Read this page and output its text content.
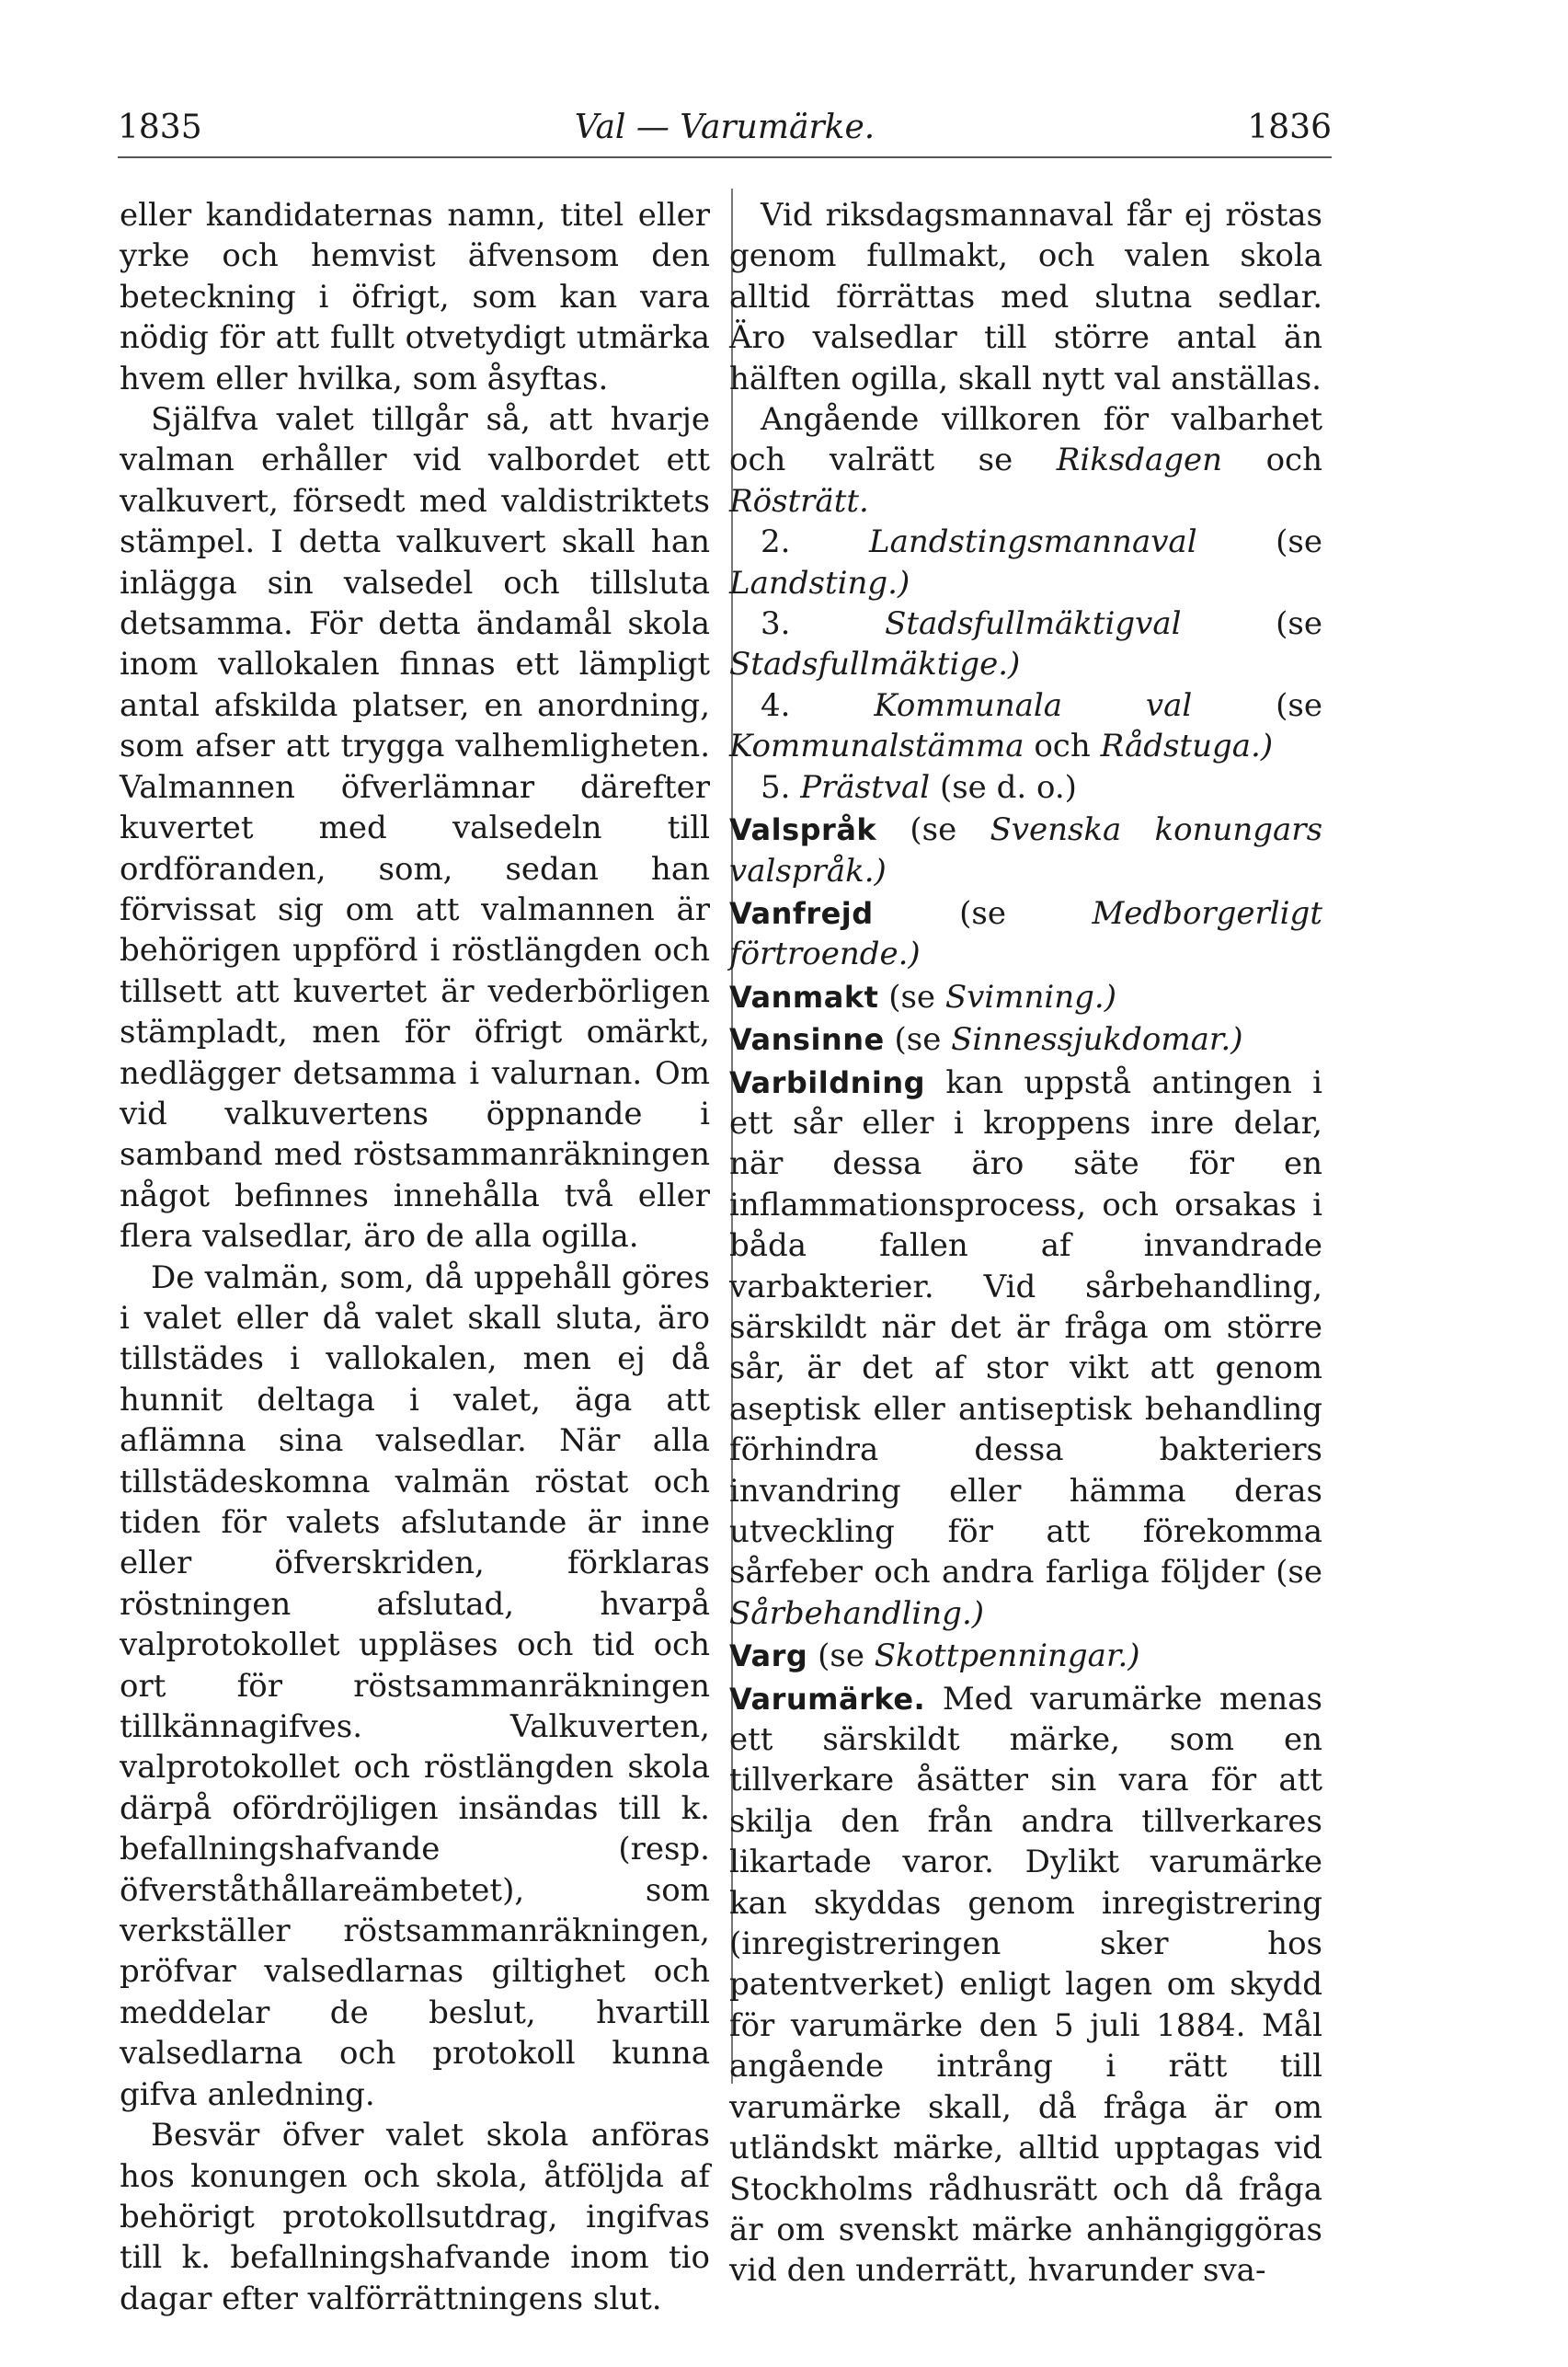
1835	Val — Varumärke.	1836

eller kandidaternas namn, titel eller yrke och hemvist äfvensom den beteckning i öfrigt, som kan vara nödig för att fullt otvetydigt utmärka hvem eller hvilka, som åsyftas.

Själfva valet tillgår så, att hvarje valman erhåller vid valbordet ett valkuvert, försedt med valdistriktets stämpel. I detta valkuvert skall han inlägga sin valsedel och tillsluta detsamma. För detta ändamål skola inom vallokalen finnas ett lämpligt antal afskilda platser, en anordning, som afser att trygga valhemligheten. Valmannen öfverlämnar därefter kuvertet med valsedeln till ordföranden, som, sedan han förvissat sig om att valmannen är behörigen uppförd i röstlängden och tillsett att kuvertet är vederbörligen stämpladt, men för öfrigt omärkt, nedlägger detsamma i valurnan. Om vid valkuvertens öppnande i samband med röstsammanräkningen något befinnes innehålla två eller flera valsedlar, äro de alla ogilla.

De valmän, som, då uppehåll göres i valet eller då valet skall sluta, äro tillstädes i vallokalen, men ej då hunnit deltaga i valet, äga att aflämna sina valsedlar. När alla tillstädeskomna valmän röstat och tiden för valets afslutande är inne eller öfverskriden, förklaras röstningen afslutad, hvarpå valprotokollet uppläses och tid och ort för röstsammanräkningen tillkännagifves. Valkuverten, valprotokollet och röstlängden skola därpå ofördröjligen insändas till k. befallningshafvande (resp. öfverståthållareämbetet), som verkställer röstsammanräkningen, pröfvar valsedlarnas giltighet och meddelar de beslut, hvartill valsedlarna och protokoll kunna gifva anledning.

Besvär öfver valet skola anföras hos konungen och skola, åtföljda af behörigt protokollsutdrag, ingifvas till k. befallningshafvande inom tio dagar efter valförrättningens slut.

Vid riksdagsmannaval får ej röstas genom fullmakt, och valen skola alltid förrättas med slutna sedlar. Äro valsedlar till större antal än hälften ogilla, skall nytt val anställas.

Angående villkoren för valbarhet och valrätt se Riksdagen och Rösträtt.

2.	Landstingsmannaval	(se Landsting.)

3.	Stadsfullmäktigval	(se Stadsfullmäktige.)

4.	Kommunala val	(se Kommunalstämma och Rådstuga.)

5. Prästval (se d. o.)

Valspråk (se Svenska konungars valspråk.)

Vanfrejd	(se	Medborgerligt förtroende.)

Vanmakt (se Svimning.)

Vansinne (se Sinnessjukdomar.)

Varbildning kan uppstå antingen i ett sår eller i kroppens inre delar, när dessa äro säte för en inflammationsprocess, och orsakas i båda fallen af invandrade varbakterier. Vid sårbehandling, särskildt när det är fråga om större sår, är det af stor vikt att genom aseptisk eller antiseptisk behandling förhindra dessa bakteriers invandring eller hämma deras utveckling för att förekomma sårfeber och andra farliga följder (se Sårbehandling.)

Varg (se Skottpenningar.)

Varumärke. Med varumärke menas ett särskildt märke, som en tillverkare åsätter sin vara för att skilja den från andra tillverkares likartade varor. Dylikt varumärke kan skyddas genom inregistrering (inregistreringen sker hos patentverket) enligt lagen om skydd för varumärke den 5 juli 1884. Mål angående intrång i rätt till varumärke skall, då fråga är om utländskt märke, alltid upptagas vid Stockholms rådhusrätt och då fråga är om svenskt märke anhängiggöras vid den underrätt, hvarunder sva-
